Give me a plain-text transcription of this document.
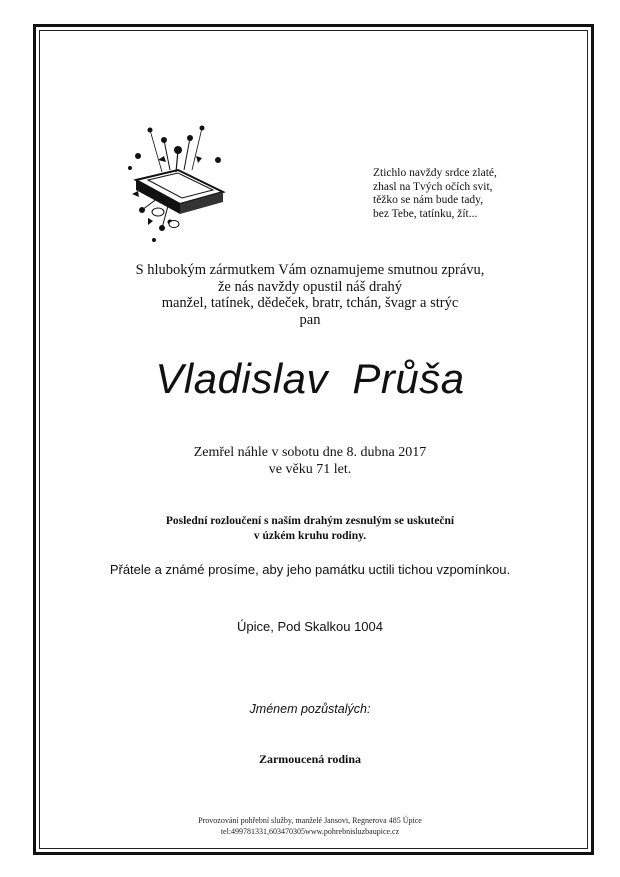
Ztichlo navždy srdce zlaté,
zhasl na Tvých očích svit,
těžko se nám bude tady,
bez Tebe, tatínku, žít...
S hlubokým zármutkem Vám oznamujeme smutnou zprávu,
že nás navždy opustil náš drahý
manžel, tatínek, dědeček, bratr, tchán, švagr a strýc
pan
Vladislav  Průša
Zemřel náhle v sobotu dne 8. dubna 2017
ve věku 71 let.
Poslední rozloučení s naším drahým zesnulým se uskuteční
v úzkém kruhu rodiny.
Přátele a známé prosíme, aby jeho památku uctili tichou vzpomínkou.
Úpice, Pod Skalkou 1004
Jménem pozůstalých:
Zarmoucená rodina
Provozování pohřební služby, manželé Jansovi, Regnerova 485 Úpice
tel:499781331,603470305www.pohrebnisluzbaupice.cz
